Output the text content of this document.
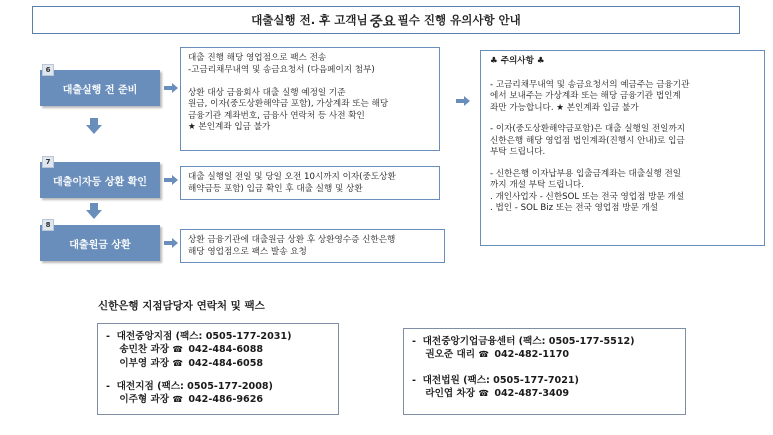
대출실행 전. 후 고객님 중요 필수 진행 유의사항 안내
대출실행 전 준비
6
대출이자등 상환 확인
7
대출원금 상환
8

대출 진행 해당 영업점으로 팩스 전송
-고금리채무내역 및 송금요청서 (다음페이지 첨부)

상환 대상 금융회사 대출 실행 예정일 기준
원금, 이자(중도상환해약금 포함), 가상계좌 또는 해당
금융기관 계좌번호, 금융사 연락처 등 사전 확인
★ 본인계좌 입금 불가

대출 실행일 전일 및 당일 오전 10시까지 이자(중도상환
해약금등 포함) 입금 확인 후 대출 실행 및 상환

상환 금융기관에 대출원금 상환 후 상환영수증 신한은행
해당 영업점으로 팩스 발송 요청

♣ 주의사항 ♣

- 고금리채무내역 및 송금요청서의 예금주는 금융기관
에서 보내주는 가상계좌 또는 해당 금융기관 법인계
좌만 가능합니다. ★ 본인계좌 입금 불가

- 이자(중도상환해약금포함)은 대출 실행일 전일까지
신한은행 해당 영업점 법인계좌(진행시 안내)로 입금
부탁 드립니다.

- 신한은행 이자납부용 입출금계좌는 대출실행 전일
까지 개설 부탁 드립니다.
. 개인사업자 - 신한SOL 또는 전국 영업점 방문 개설
. 법인 - SOL Biz 또는 전국 영업점 방문 개설

신한은행 지점담당자 연락처 및 팩스
-  대전중앙지점 (팩스: 0505-177-2031)
송민찬 과장 ☎ 042-484-6088
이부영 과장 ☎ 042-484-6058
-  대전지점 (팩스: 0505-177-2008)
이주형 과장 ☎ 042-486-9626
-  대전중앙기업금융센터 (팩스: 0505-177-5512)
권오준 대리 ☎ 042-482-1170
-  대전법원 (팩스: 0505-177-7021)
라인엽 차장 ☎ 042-487-3409
